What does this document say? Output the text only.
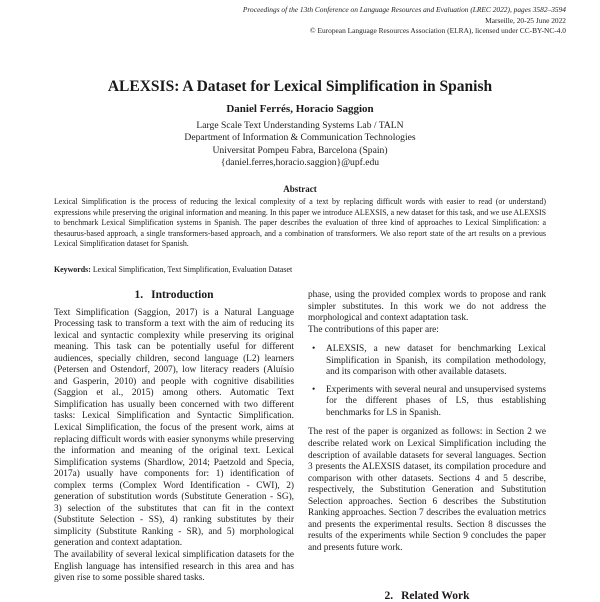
Proceedings of the 13th Conference on Language Resources and Evaluation (LREC 2022), pages 3582–3594
Marseille, 20-25 June 2022
© European Language Resources Association (ELRA), licensed under CC-BY-NC-4.0
ALEXSIS: A Dataset for Lexical Simplification in Spanish
Daniel Ferrés, Horacio Saggion
Large Scale Text Understanding Systems Lab / TALN
Department of Information & Communication Technologies
Universitat Pompeu Fabra, Barcelona (Spain)
{daniel.ferres,horacio.saggion}@upf.edu
Abstract
Lexical Simplification is the process of reducing the lexical complexity of a text by replacing difficult words with easier to read (or understand) expressions while preserving the original information and meaning. In this paper we introduce ALEXSIS, a new dataset for this task, and we use ALEXSIS to benchmark Lexical Simplification systems in Spanish. The paper describes the evaluation of three kind of approaches to Lexical Simplification: a thesaurus-based approach, a single transformers-based approach, and a combination of transformers. We also report state of the art results on a previous Lexical Simplification dataset for Spanish.
Keywords: Lexical Simplification, Text Simplification, Evaluation Dataset
1. Introduction

Text Simplification (Saggion, 2017) is a Natural Language Processing task to transform a text with the aim of reducing its lexical and syntactic complexity while preserving its original meaning. This task can be potentially useful for different audiences, specially children, second language (L2) learners (Petersen and Ostendorf, 2007), low literacy readers (Aluísio and Gasperin, 2010) and people with cognitive disabilities (Saggion et al., 2015) among others. Automatic Text Simplification has usually been concerned with two different tasks: Lexical Simplification and Syntactic Simplification. Lexical Simplification, the focus of the present work, aims at replacing difficult words with easier synonyms while preserving the information and meaning of the original text. Lexical Simplification systems (Shardlow, 2014; Paetzold and Specia, 2017a) usually have components for: 1) identification of complex terms (Complex Word Identification - CWI), 2) generation of substitution words (Substitute Generation - SG), 3) selection of the substitutes that can fit in the context (Substitute Selection - SS), 4) ranking substitutes by their simplicity (Substitute Ranking - SR), and 5) morphological generation and context adaptation.

The availability of several lexical simplification datasets for the English language has intensified research in this area and has given rise to some possible shared tasks.

phase, using the provided complex words to propose and rank simpler substitutes. In this work we do not address the morphological and context adaptation task.

The contributions of this paper are:

• ALEXSIS, a new dataset for benchmarking Lexical Simplification in Spanish, its compilation methodology, and its comparison with other available datasets.
• Experiments with several neural and unsupervised systems for the different phases of LS, thus establishing benchmarks for LS in Spanish.

The rest of the paper is organized as follows: in Section 2 we describe related work on Lexical Simplification including the description of available datasets for several languages. Section 3 presents the ALEXSIS dataset, its compilation procedure and comparison with other datasets. Sections 4 and 5 describe, respectively, the Substitution Generation and Substitution Selection approaches. Section 6 describes the Substitution Ranking approaches. Section 7 describes the evaluation metrics and presents the experimental results. Section 8 discusses the results of the experiments while Section 9 concludes the paper and presents future work.

2. Related Work
